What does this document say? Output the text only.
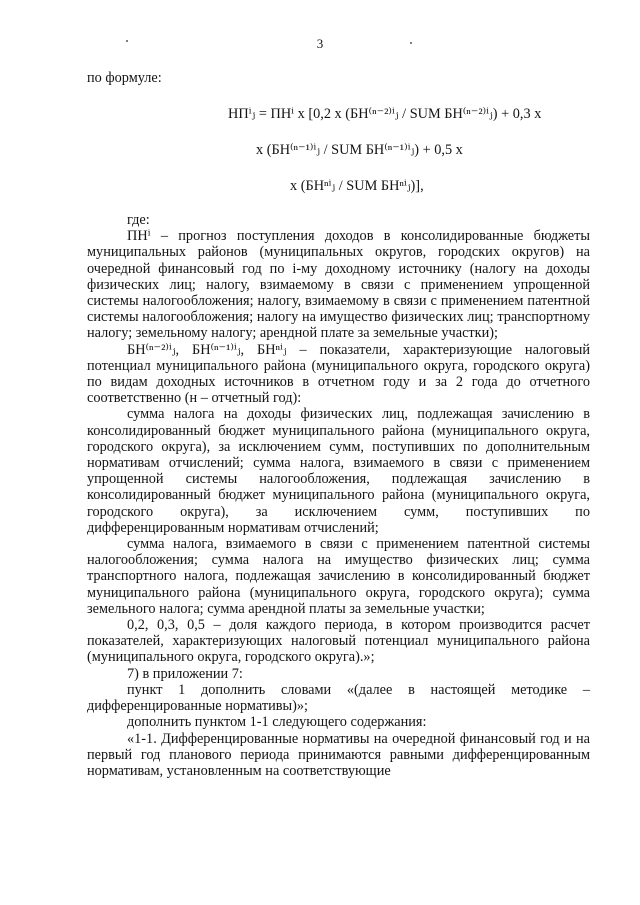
3

по формуле:

НПⁱⱼ = ПНⁱ x [0,2 x (БН⁽ⁿ⁻²⁾ⁱⱼ / SUM БН⁽ⁿ⁻²⁾ⁱⱼ) + 0,3 x
x (БН⁽ⁿ⁻¹⁾ⁱⱼ / SUM БН⁽ⁿ⁻¹⁾ⁱⱼ) + 0,5 x
x (БНⁿⁱⱼ / SUM БНⁿⁱⱼ)],

где:

ПНⁱ – прогноз поступления доходов в консолидированные бюджеты муниципальных районов (муниципальных округов, городских округов) на очередной финансовый год по i-му доходному источнику (налогу на доходы физических лиц; налогу, взимаемому в связи с применением упрощенной системы налогообложения; налогу, взимаемому в связи с применением патентной системы налогообложения; налогу на имущество физических лиц; транспортному налогу; земельному налогу; арендной плате за земельные участки);

БН⁽ⁿ⁻²⁾ⁱⱼ, БН⁽ⁿ⁻¹⁾ⁱⱼ, БНⁿⁱⱼ – показатели, характеризующие налоговый потенциал муниципального района (муниципального округа, городского округа) по видам доходных источников в отчетном году и за 2 года до отчетного соответственно (н – отчетный год):

сумма налога на доходы физических лиц, подлежащая зачислению в консолидированный бюджет муниципального района (муниципального округа, городского округа), за исключением сумм, поступивших по дополнительным нормативам отчислений; сумма налога, взимаемого в связи с применением упрощенной системы налогообложения, подлежащая зачислению в консолидированный бюджет муниципального района (муниципального округа, городского округа), за исключением сумм, поступивших по дифференцированным нормативам отчислений;

сумма налога, взимаемого в связи с применением патентной системы налогообложения; сумма налога на имущество физических лиц; сумма транспортного налога, подлежащая зачислению в консолидированный бюджет муниципального района (муниципального округа, городского округа); сумма земельного налога; сумма арендной платы за земельные участки;

0,2, 0,3, 0,5 – доля каждого периода, в котором производится расчет показателей, характеризующих налоговый потенциал муниципального района (муниципального округа, городского округа).»;

7) в приложении 7:

пункт 1 дополнить словами «(далее в настоящей методике – дифференцированные нормативы)»;

дополнить пунктом 1-1 следующего содержания:

«1-1. Дифференцированные нормативы на очередной финансовый год и на первый год планового периода принимаются равными дифференцированным нормативам, установленным на соответствующие
